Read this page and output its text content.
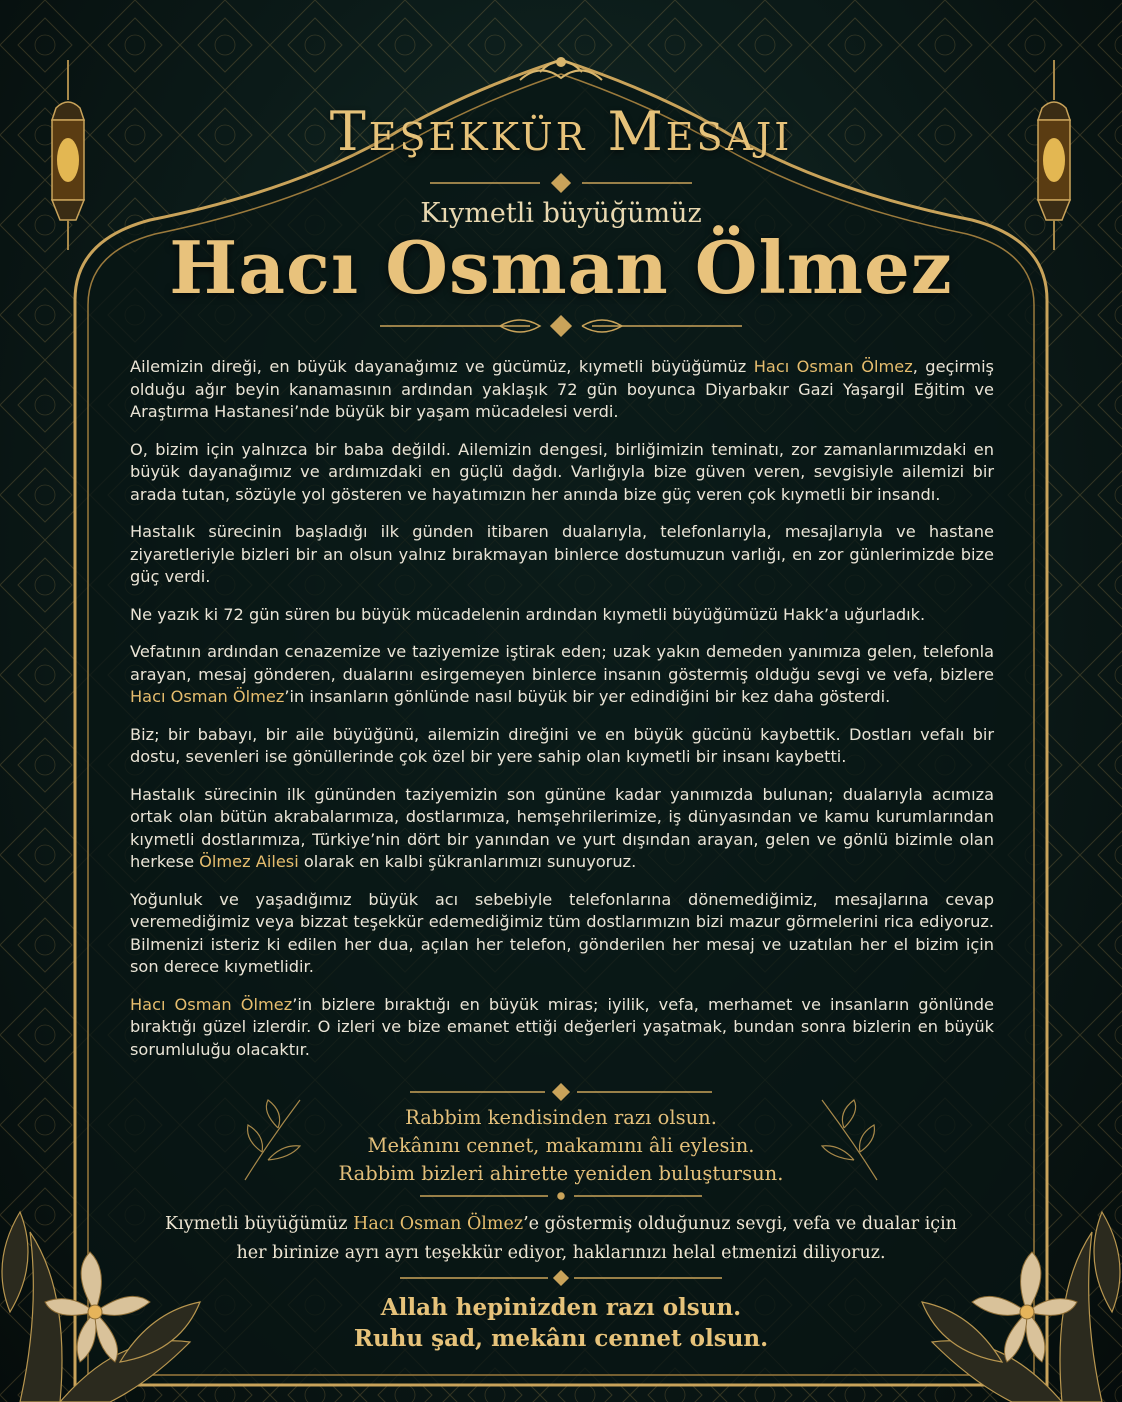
Teşekkür Mesajı
Kıymetli büyüğümüz
Hacı Osman Ölmez

Ailemizin direği, en büyük dayanağımız ve gücümüz, kıymetli büyüğümüz Hacı Osman Ölmez, geçirmiş olduğu ağır beyin kanamasının ardından yaklaşık 72 gün boyunca Diyarbakır Gazi Yaşargil Eğitim ve Araştırma Hastanesi’nde büyük bir yaşam mücadelesi verdi.

O, bizim için yalnızca bir baba değildi. Ailemizin dengesi, birliğimizin teminatı, zor zamanlarımızdaki en büyük dayanağımız ve ardımızdaki en güçlü dağdı. Varlığıyla bize güven veren, sevgisiyle ailemizi bir arada tutan, sözüyle yol gösteren ve hayatımızın her anında bize güç veren çok kıymetli bir insandı.

Hastalık sürecinin başladığı ilk günden itibaren dualarıyla, telefonlarıyla, mesajlarıyla ve hastane ziyaretleriyle bizleri bir an olsun yalnız bırakmayan binlerce dostumuzun varlığı, en zor günlerimizde bize güç verdi.

Ne yazık ki 72 gün süren bu büyük mücadelenin ardından kıymetli büyüğümüzü Hakk’a uğurladık.

Vefatının ardından cenazemize ve taziyemize iştirak eden; uzak yakın demeden yanımıza gelen, telefonla arayan, mesaj gönderen, dualarını esirgemeyen binlerce insanın göstermiş olduğu sevgi ve vefa, bizlere Hacı Osman Ölmez’in insanların gönlünde nasıl büyük bir yer edindiğini bir kez daha gösterdi.

Biz; bir babayı, bir aile büyüğünü, ailemizin direğini ve en büyük gücünü kaybettik. Dostları vefalı bir dostu, sevenleri ise gönüllerinde çok özel bir yere sahip olan kıymetli bir insanı kaybetti.

Hastalık sürecinin ilk gününden taziyemizin son gününe kadar yanımızda bulunan; dualarıyla acımıza ortak olan bütün akrabalarımıza, dostlarımıza, hemşehrilerimize, iş dünyasından ve kamu kurumlarından kıymetli dostlarımıza, Türkiye’nin dört bir yanından ve yurt dışından arayan, gelen ve gönlü bizimle olan herkese Ölmez Ailesi olarak en kalbi şükranlarımızı sunuyoruz.

Yoğunluk ve yaşadığımız büyük acı sebebiyle telefonlarına dönemediğimiz, mesajlarına cevap veremediğimiz veya bizzat teşekkür edemediğimiz tüm dostlarımızın bizi mazur görmelerini rica ediyoruz. Bilmenizi isteriz ki edilen her dua, açılan her telefon, gönderilen her mesaj ve uzatılan her el bizim için son derece kıymetlidir.

Hacı Osman Ölmez’in bizlere bıraktığı en büyük miras; iyilik, vefa, merhamet ve insanların gönlünde bıraktığı güzel izlerdir. O izleri ve bize emanet ettiği değerleri yaşatmak, bundan sonra bizlerin en büyük sorumluluğu olacaktır.

Rabbim kendisinden razı olsun.
Mekânını cennet, makamını âli eylesin.
Rabbim bizleri ahirette yeniden buluştursun.
Kıymetli büyüğümüz Hacı Osman Ölmez’e göstermiş olduğunuz sevgi, vefa ve dualar için
her birinize ayrı ayrı teşekkür ediyor, haklarınızı helal etmenizi diliyoruz.
Allah hepinizden razı olsun.
Ruhu şad, mekânı cennet olsun.
